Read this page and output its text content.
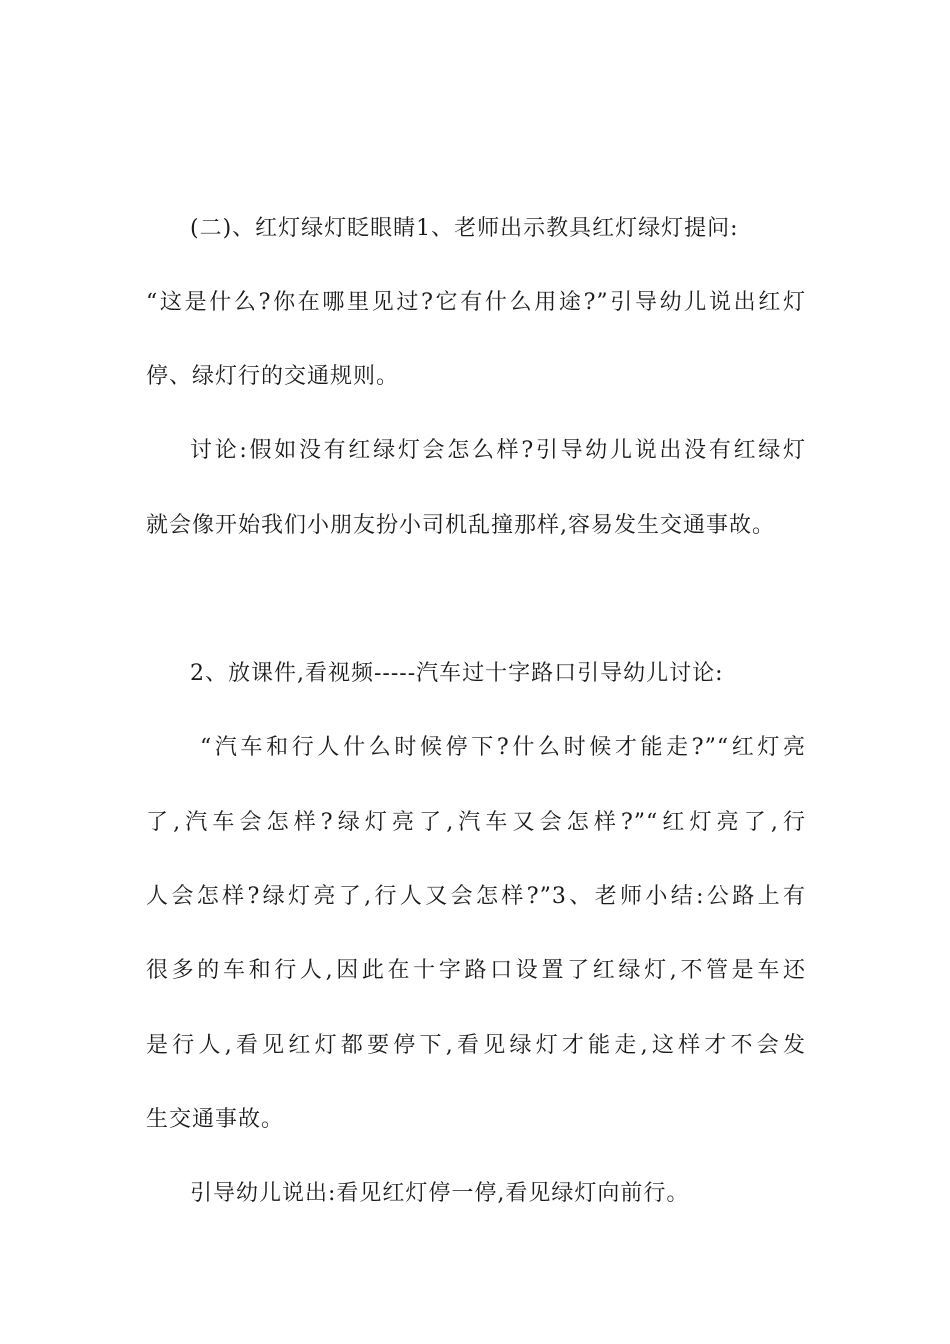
(二)、红灯绿灯眨眼睛1、老师出示教具红灯绿灯提问:
“这是什么?你在哪里见过?它有什么用途?”引导幼儿说出红灯
停、绿灯行的交通规则。
讨论:假如没有红绿灯会怎么样?引导幼儿说出没有红绿灯
就会像开始我们小朋友扮小司机乱撞那样,容易发生交通事故。
2、放课件,看视频-----汽车过十字路口引导幼儿讨论:
“汽车和行人什么时候停下?什么时候才能走?”“红灯亮
了,汽车会怎样?绿灯亮了,汽车又会怎样?”“红灯亮了,行
人会怎样?绿灯亮了,行人又会怎样?”3、老师小结:公路上有
很多的车和行人,因此在十字路口设置了红绿灯,不管是车还
是行人,看见红灯都要停下,看见绿灯才能走,这样才不会发
生交通事故。
引导幼儿说出:看见红灯停一停,看见绿灯向前行。
